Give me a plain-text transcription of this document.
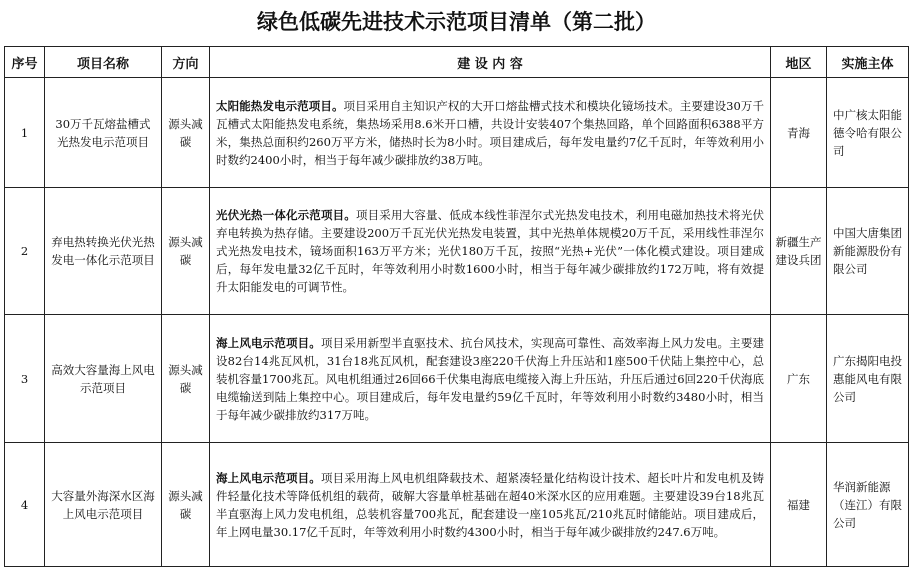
绿色低碳先进技术示范项目清单（第二批）
序号	项目名称	方向	建 设 内 容	地区	实施主体
1	30万千瓦熔盐槽式光热发电示范项目	源头减碳	太阳能热发电示范项目。项目采用自主知识产权的大开口熔盐槽式技术和模块化镜场技术。主要建设30万千瓦槽式太阳能热发电系统，集热场采用8.6米开口槽，共设计安装407个集热回路，单个回路面积6388平方米，集热总面积约260万平方米，储热时长为8小时。项目建成后，每年发电量约7亿千瓦时，年等效利用小时数约2400小时，相当于每年减少碳排放约38万吨。	青海	中广核太阳能德令哈有限公司
2	弃电热转换光伏光热发电一体化示范项目	源头减碳	光伏光热一体化示范项目。项目采用大容量、低成本线性菲涅尔式光热发电技术，利用电磁加热技术将光伏弃电转换为热存储。主要建设200万千瓦光伏光热发电装置，其中光热单体规模20万千瓦，采用线性菲涅尔式光热发电技术，镜场面积163万平方米；光伏180万千瓦，按照“光热+光伏”一体化模式建设。项目建成后，每年发电量32亿千瓦时，年等效利用小时数1600小时，相当于每年减少碳排放约172万吨，将有效提升太阳能发电的可调节性。	新疆生产建设兵团	中国大唐集团新能源股份有限公司
3	高效大容量海上风电示范项目	源头减碳	海上风电示范项目。项目采用新型半直驱技术、抗台风技术，实现高可靠性、高效率海上风力发电。主要建设82台14兆瓦风机，31台18兆瓦风机，配套建设3座220千伏海上升压站和1座500千伏陆上集控中心，总装机容量1700兆瓦。风电机组通过26回66千伏集电海底电缆接入海上升压站，升压后通过6回220千伏海底电缆输送到陆上集控中心。项目建成后，每年发电量约59亿千瓦时，年等效利用小时数约3480小时，相当于每年减少碳排放约317万吨。	广东	广东揭阳电投惠能风电有限公司
4	大容量外海深水区海上风电示范项目	源头减碳	海上风电示范项目。项目采用海上风电机组降载技术、超紧凑轻量化结构设计技术、超长叶片和发电机及铸件轻量化技术等降低机组的载荷，破解大容量单桩基础在超40米深水区的应用难题。主要建设39台18兆瓦半直驱海上风力发电机组，总装机容量700兆瓦，配套建设一座105兆瓦/210兆瓦时储能站。项目建成后，年上网电量30.17亿千瓦时，年等效利用小时数约4300小时，相当于每年减少碳排放约247.6万吨。	福建	华润新能源（连江）有限公司
